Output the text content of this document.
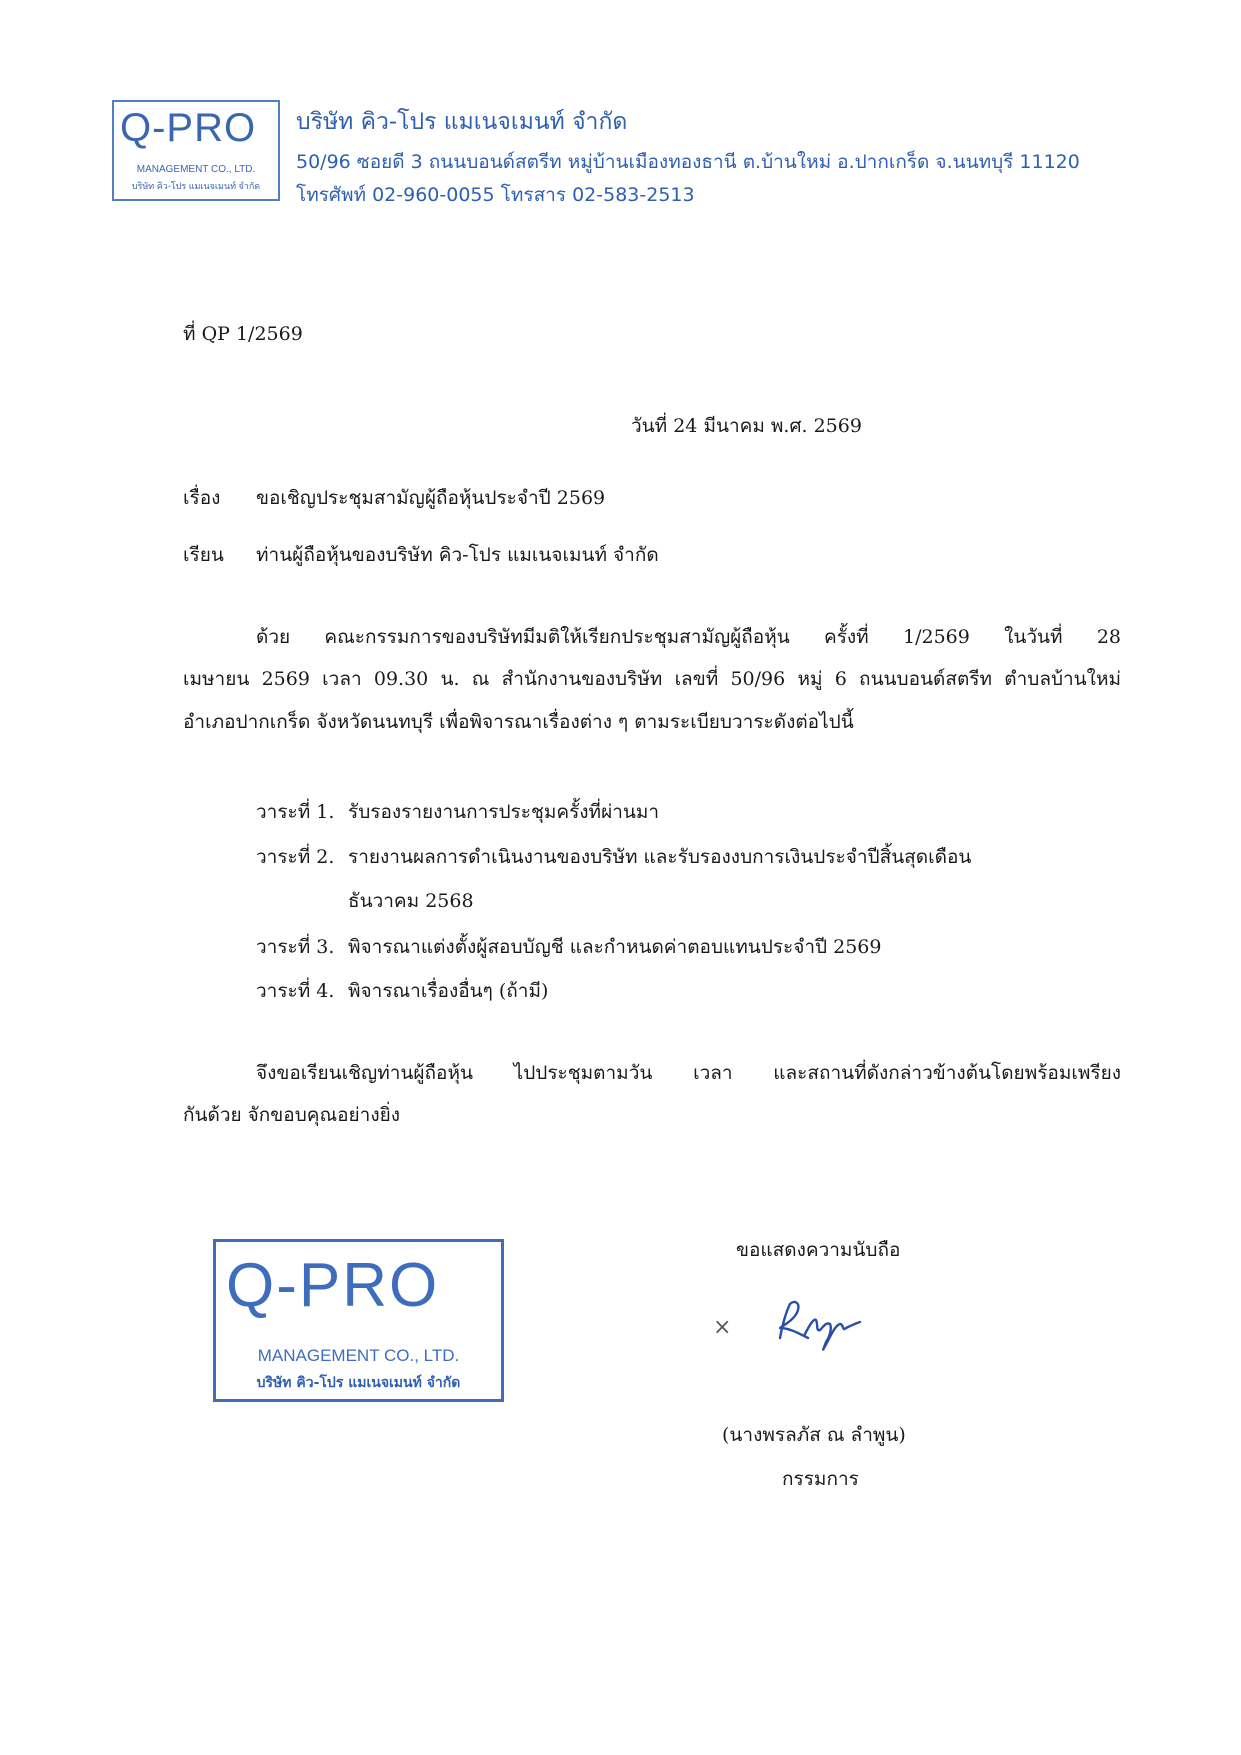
Q-PRO
MANAGEMENT CO., LTD.
บริษัท คิว-โปร แมเนจเมนท์ จำกัด
บริษัท คิว-โปร แมเนจเมนท์ จำกัด
50/96 ซอยดี 3 ถนนบอนด์สตรีท หมู่บ้านเมืองทองธานี ต.บ้านใหม่ อ.ปากเกร็ด จ.นนทบุรี 11120
โทรศัพท์ 02-960-0055 โทรสาร 02-583-2513
ที่ QP 1/2569
วันที่ 24 มีนาคม พ.ศ. 2569
เรื่อง ขอเชิญประชุมสามัญผู้ถือหุ้นประจำปี 2569
เรียน ท่านผู้ถือหุ้นของบริษัท คิว-โปร แมเนจเมนท์ จำกัด
ด้วย คณะกรรมการของบริษัทมีมติให้เรียกประชุมสามัญผู้ถือหุ้น ครั้งที่ 1/2569 ในวันที่ 28
เมษายน 2569 เวลา 09.30 น. ณ สำนักงานของบริษัท เลขที่ 50/96 หมู่ 6 ถนนบอนด์สตรีท ตำบลบ้านใหม่
อำเภอปากเกร็ด จังหวัดนนทบุรี เพื่อพิจารณาเรื่องต่าง ๆ ตามระเบียบวาระดังต่อไปนี้
วาระที่ 1. รับรองรายงานการประชุมครั้งที่ผ่านมา
วาระที่ 2. รายงานผลการดำเนินงานของบริษัท และรับรองงบการเงินประจำปีสิ้นสุดเดือน
ธันวาคม 2568
วาระที่ 3. พิจารณาแต่งตั้งผู้สอบบัญชี และกำหนดค่าตอบแทนประจำปี 2569
วาระที่ 4. พิจารณาเรื่องอื่นๆ (ถ้ามี)
จึงขอเรียนเชิญท่านผู้ถือหุ้น ไปประชุมตามวัน เวลา และสถานที่ดังกล่าวข้างต้นโดยพร้อมเพรียง
กันด้วย จักขอบคุณอย่างยิ่ง
ขอแสดงความนับถือ
×
(นางพรลภัส ณ ลำพูน)
กรรมการ
Q-PRO
MANAGEMENT CO., LTD.
บริษัท คิว-โปร แมเนจเมนท์ จำกัด
